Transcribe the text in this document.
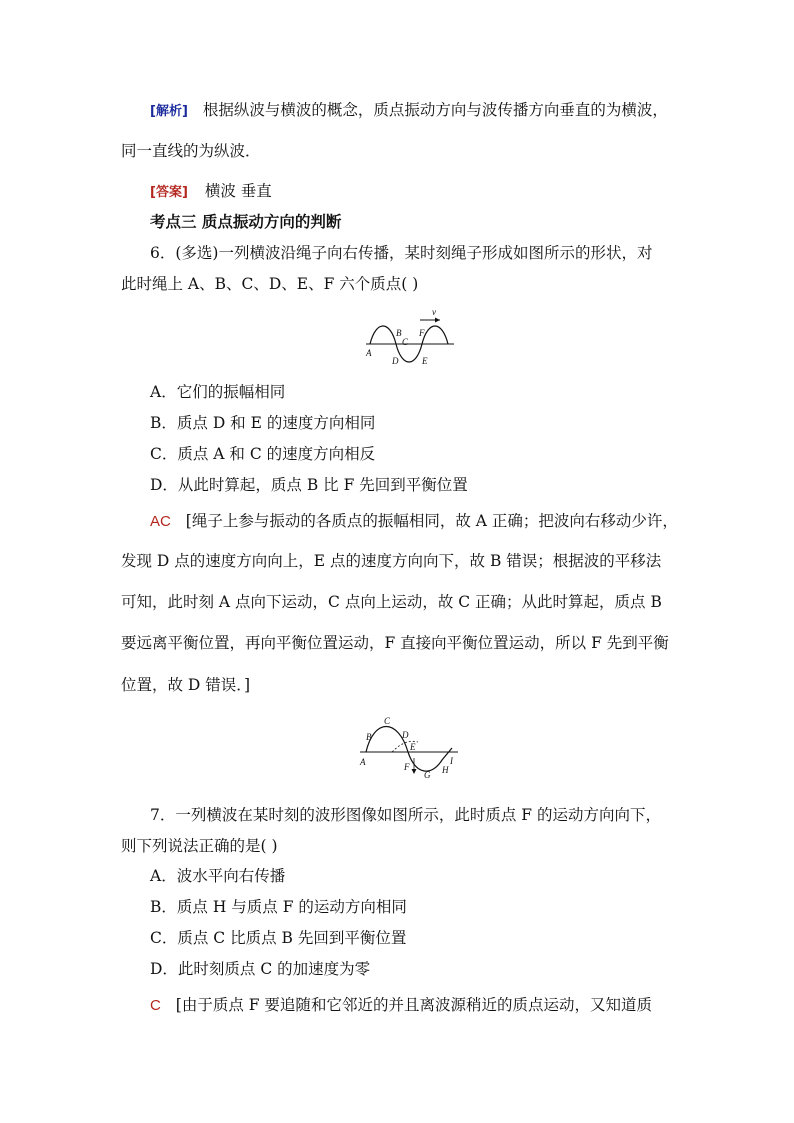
[解析] 根据纵波与横波的概念，质点振动方向与波传播方向垂直的为横波，
同一直线的为纵波．
[答案] 横波 垂直
考点三 质点振动方向的判断
6．(多选)一列横波沿绳子向右传播，某时刻绳子形成如图所示的形状，对
此时绳上 A、B、C、D、E、F 六个质点( )
v
A
B
C
D	E
F
A．它们的振幅相同
B．质点 D 和 E 的速度方向相同
C．质点 A 和 C 的速度方向相反
D．从此时算起，质点 B 比 F 先回到平衡位置
AC [绳子上参与振动的各质点的振幅相同，故 A 正确；把波向右移动少许，
发现 D 点的速度方向向上，E 点的速度方向向下，故 B 错误；根据波的平移法
可知，此时刻 A 点向下运动，C 点向上运动，故 C 正确；从此时算起，质点 B
要远离平衡位置，再向平衡位置运动，F 直接向平衡位置运动，所以 F 先到平衡
位置，故 D 错误．]
A
B
C
D
E
F
G H
I
7．一列横波在某时刻的波形图像如图所示，此时质点 F 的运动方向向下，
则下列说法正确的是( )
A．波水平向右传播
B．质点 H 与质点 F 的运动方向相同
C．质点 C 比质点 B 先回到平衡位置
D．此时刻质点 C 的加速度为零
C [由于质点 F 要追随和它邻近的并且离波源稍近的质点运动，又知道质
